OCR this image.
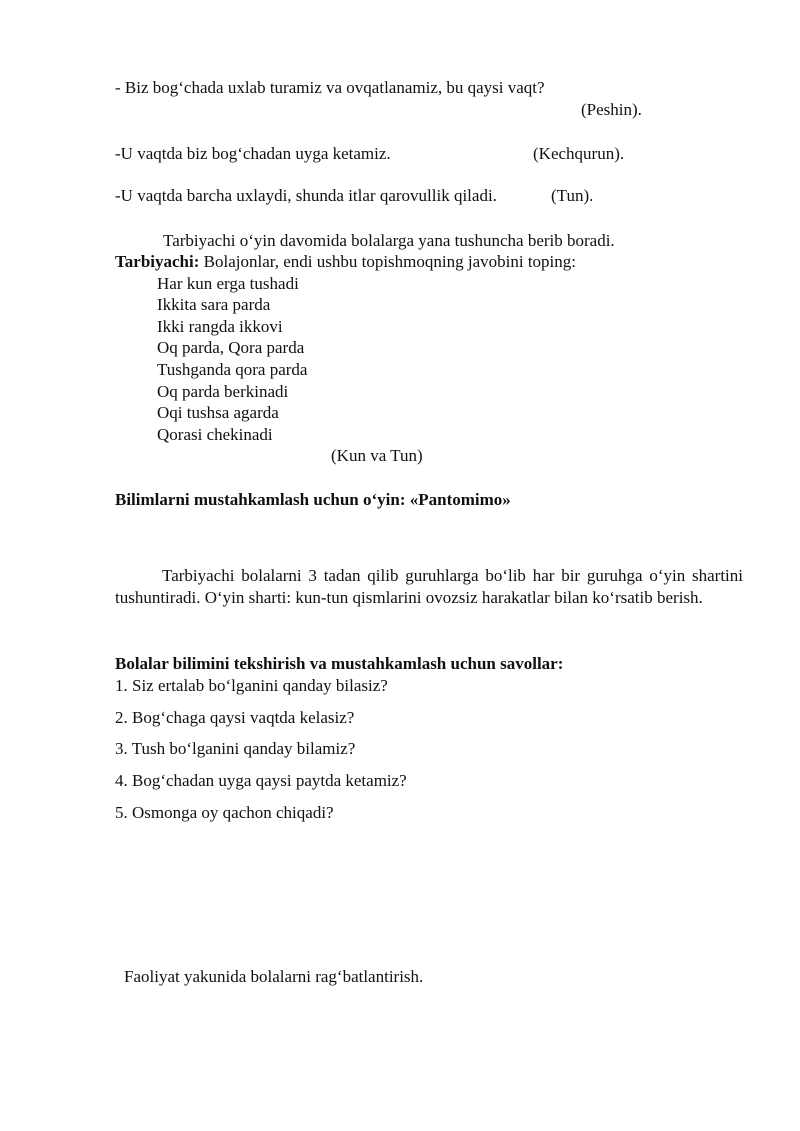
- Biz bog‘chada uxlab turamiz va ovqatlanamiz, bu qaysi vaqt?
(Peshin).
-U vaqtda biz bog‘chadan uyga ketamiz.	(Kechqurun).
-U vaqtda barcha uxlaydi, shunda itlar qarovullik qiladi.	(Tun).
Tarbiyachi o‘yin davomida bolalarga yana tushuncha berib boradi.
Tarbiyachi: Bolajonlar, endi ushbu topishmoqning javobini toping:
Har kun erga tushadi
Ikkita sara parda
Ikki rangda ikkovi
Oq parda, Qora parda
Tushganda qora parda
Oq parda berkinadi
Oqi tushsa agarda
Qorasi chekinadi
(Kun va Tun)
Bilimlarni mustahkamlash uchun o‘yin: «Pantomimo»
Tarbiyachi bolalarni 3 tadan qilib guruhlarga bo‘lib har bir guruhga o‘yin shartini tushuntiradi. O‘yin sharti: kun-tun qismlarini ovozsiz harakatlar bilan ko‘rsatib berish.
Bolalar bilimini tekshirish va mustahkamlash uchun savollar:
1. Siz ertalab bo‘lganini qanday bilasiz?
2. Bog‘chaga qaysi vaqtda kelasiz?
3. Tush bo‘lganini qanday bilamiz?
4. Bog‘chadan uyga qaysi paytda ketamiz?
5. Osmonga oy qachon chiqadi?
Faoliyat yakunida bolalarni rag‘batlantirish.
